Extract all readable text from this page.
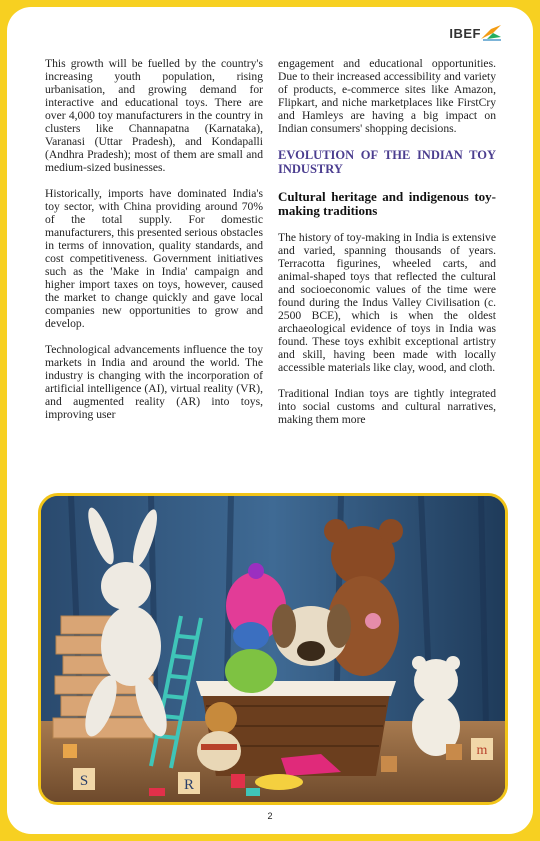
IBEF

This growth will be fuelled by the country's increasing youth population, rising urbanisation, and growing demand for interactive and educational toys. There are over 4,000 toy manufacturers in the country in clusters like Channapatna (Karnataka), Varanasi (Uttar Pradesh), and Kondapalli (Andhra Pradesh); most of them are small and medium-sized businesses.

Historically, imports have dominated India's toy sector, with China providing around 70% of the total supply. For domestic manufacturers, this presented serious obstacles in terms of innovation, quality standards, and cost competitiveness. Government initiatives such as the 'Make in India' campaign and higher import taxes on toys, however, caused the market to change quickly and gave local companies new opportunities to grow and develop.

Technological advancements influence the toy markets in India and around the world. The industry is changing with the incorporation of artificial intelligence (AI), virtual reality (VR), and augmented reality (AR) into toys, improving user

engagement and educational opportunities. Due to their increased accessibility and variety of products, e-commerce sites like Amazon, Flipkart, and niche marketplaces like FirstCry and Hamleys are having a big impact on Indian consumers' shopping decisions.

EVOLUTION OF THE INDIAN TOY INDUSTRY
Cultural heritage and indigenous toy-making traditions

The history of toy-making in India is extensive and varied, spanning thousands of years. Terracotta figurines, wheeled carts, and animal-shaped toys that reflected the cultural and socioeconomic values of the time were found during the Indus Valley Civilisation (c. 2500 BCE), which is when the oldest archaeological evidence of toys in India was found. These toys exhibit exceptional artistry and skill, having been made with locally accessible materials like clay, wood, and cloth.

Traditional Indian toys are tightly integrated into social customs and cultural narratives, making them more

S	R
m
2
